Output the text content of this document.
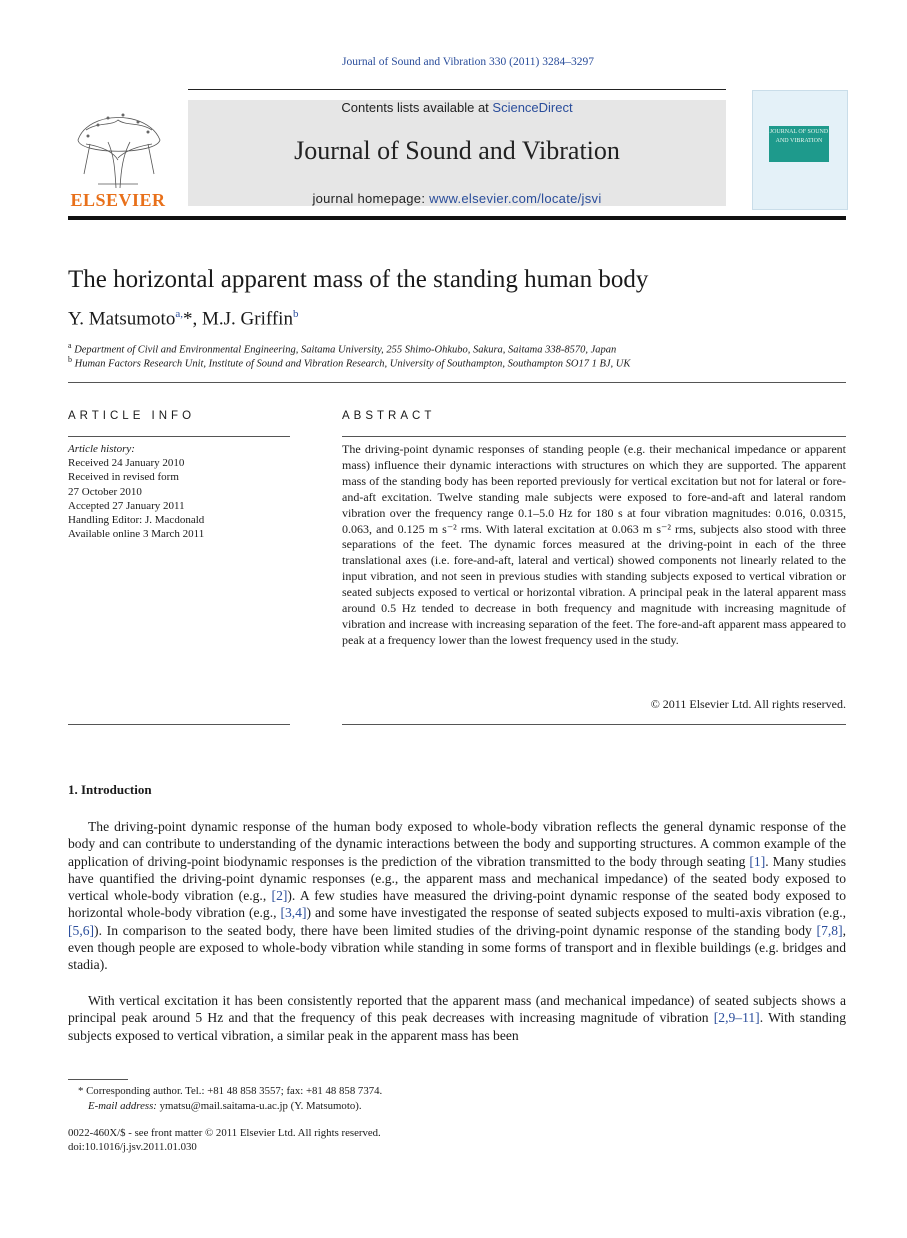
Journal of Sound and Vibration 330 (2011) 3284–3297
ELSEVIER
Contents lists available at ScienceDirect
Journal of Sound and Vibration
journal homepage: www.elsevier.com/locate/jsvi
JOURNAL OF SOUND AND VIBRATION
The horizontal apparent mass of the standing human body
Y. Matsumoto$^{a,}$*, M.J. Griffin$^b$
$^a$ Department of Civil and Environmental Engineering, Saitama University, 255 Shimo-Ohkubo, Sakura, Saitama 338-8570, Japan
$^b$ Human Factors Research Unit, Institute of Sound and Vibration Research, University of Southampton, Southampton SO17 1 BJ, UK
ARTICLE INFO	ABSTRACT
Article history:
Received 24 January 2010
Received in revised form
27 October 2010
Accepted 27 January 2011
Handling Editor: J. Macdonald
Available online 3 March 2011
The driving-point dynamic responses of standing people (e.g. their mechanical impedance or apparent mass) influence their dynamic interactions with structures on which they are supported. The apparent mass of the standing body has been reported previously for vertical excitation but not for lateral or fore-and-aft excitation. Twelve standing male subjects were exposed to fore-and-aft and lateral random vibration over the frequency range 0.1–5.0 Hz for 180 s at four vibration magnitudes: 0.016, 0.0315, 0.063, and 0.125 m s⁻² rms. With lateral excitation at 0.063 m s⁻² rms, subjects also stood with three separations of the feet. The dynamic forces measured at the driving-point in each of the three translational axes (i.e. fore-and-aft, lateral and vertical) showed components not linearly related to the input vibration, and not seen in previous studies with standing subjects exposed to vertical vibration or seated subjects exposed to vertical or horizontal vibration. A principal peak in the lateral apparent mass around 0.5 Hz tended to decrease in both frequency and magnitude with increasing magnitude of vibration and increase with increasing separation of the feet. The fore-and-aft apparent mass appeared to peak at a frequency lower than the lowest frequency used in the study.
© 2011 Elsevier Ltd. All rights reserved.
1. Introduction
The driving-point dynamic response of the human body exposed to whole-body vibration reflects the general dynamic response of the body and can contribute to understanding of the dynamic interactions between the body and supporting structures. A common example of the application of driving-point biodynamic responses is the prediction of the vibration transmitted to the body through seating [1]. Many studies have quantified the driving-point dynamic responses (e.g., the apparent mass and mechanical impedance) of the seated body exposed to vertical whole-body vibration (e.g., [2]). A few studies have measured the driving-point dynamic response of the seated body exposed to horizontal whole-body vibration (e.g., [3,4]) and some have investigated the response of seated subjects exposed to multi-axis vibration (e.g., [5,6]). In comparison to the seated body, there have been limited studies of the driving-point dynamic response of the standing body [7,8], even though people are exposed to whole-body vibration while standing in some forms of transport and in flexible buildings (e.g. bridges and stadia).
With vertical excitation it has been consistently reported that the apparent mass (and mechanical impedance) of seated subjects shows a principal peak around 5 Hz and that the frequency of this peak decreases with increasing magnitude of vibration [2,9–11]. With standing subjects exposed to vertical vibration, a similar peak in the apparent mass has been
* Corresponding author. Tel.: +81 48 858 3557; fax: +81 48 858 7374.
E-mail address: ymatsu@mail.saitama-u.ac.jp (Y. Matsumoto).
0022-460X/$ - see front matter © 2011 Elsevier Ltd. All rights reserved.
doi:10.1016/j.jsv.2011.01.030
